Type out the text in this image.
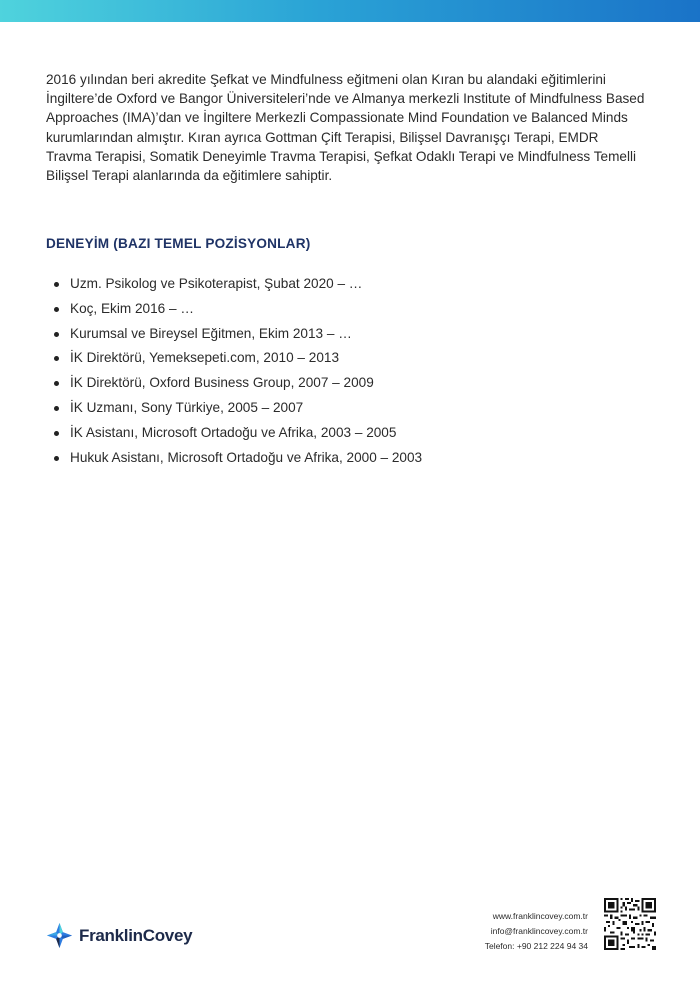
2016 yılından beri akredite Şefkat ve Mindfulness eğitmeni olan Kıran bu alandaki eğitimlerini İngiltere’de Oxford ve Bangor Üniversiteleri’nde ve Almanya merkezli Institute of Mindfulness Based Approaches (IMA)’dan ve İngiltere Merkezli Compassionate Mind Foundation ve Balanced Minds kurumlarından almıştır. Kıran ayrıca Gottman Çift Terapisi, Bilişsel Davranışçı Terapi, EMDR Travma Terapisi, Somatik Deneyimle Travma Terapisi, Şefkat Odaklı Terapi ve Mindfulness Temelli Bilişsel Terapi alanlarında da eğitimlere sahiptir.

DENEYİM (BAZI TEMEL POZİSYONLAR)
Uzm. Psikolog ve Psikoterapist, Şubat 2020 – …
Koç, Ekim 2016 – …
Kurumsal ve Bireysel Eğitmen, Ekim 2013 – …
İK Direktörü, Yemeksepeti.com, 2010 – 2013
İK Direktörü, Oxford Business Group, 2007 – 2009
İK Uzmanı, Sony Türkiye, 2005 – 2007
İK Asistanı, Microsoft Ortadoğu ve Afrika, 2003 – 2005
Hukuk Asistanı, Microsoft Ortadoğu ve Afrika, 2000 – 2003
FranklinCovey
www.franklincovey.com.tr
info@franklincovey.com.tr
Telefon: +90 212 224 94 34
